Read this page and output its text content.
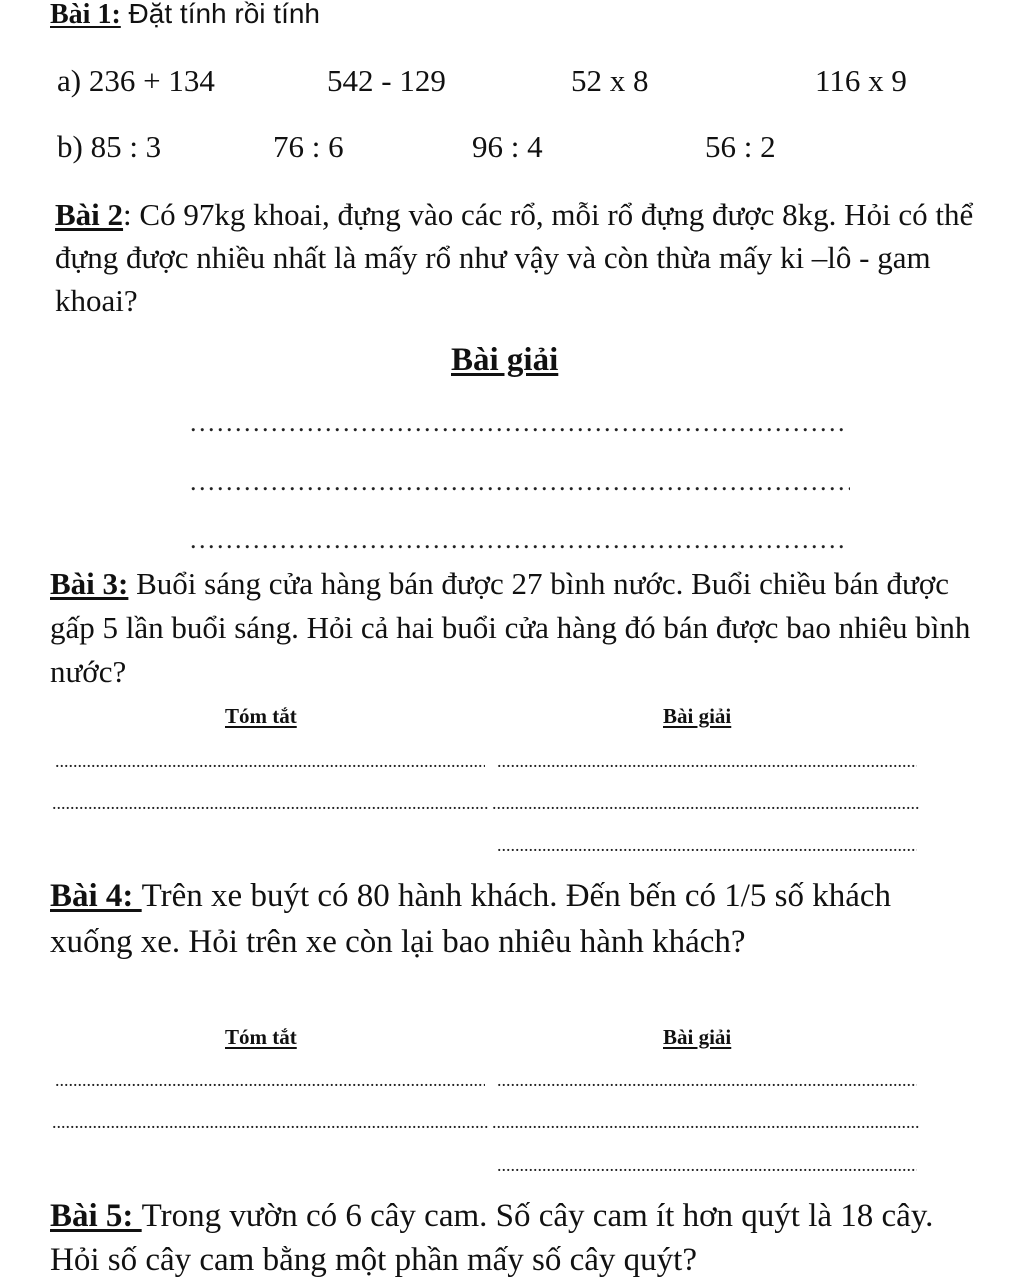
Bài 1: Đặt tính rồi tính
a) 236 + 134	542 - 129	52 x 8	116 x 9
b) 85 : 3	76 : 6	96 : 4	56 : 2
Bài 2: Có 97kg khoai, đựng vào các rổ, mỗi rổ đựng được 8kg. Hỏi có thể đựng được nhiều nhất là mấy rổ như vậy và còn thừa mấy ki –lô - gam khoai?
Bài giải
.....
.....
.....
Bài 3: Buổi sáng cửa hàng bán được 27 bình nước. Buổi chiều bán được gấp 5 lần buổi sáng. Hỏi cả hai buổi cửa hàng đó bán được bao nhiêu bình nước?
Tóm tắt	Bài giải
.....
.....
.....
.....
.....
Bài 4: Trên xe buýt có 80 hành khách. Đến bến có 1/5 số khách xuống xe. Hỏi trên xe còn lại bao nhiêu hành khách?
Tóm tắt	Bài giải
.....
.....
.....
.....
.....
Bài 5: Trong vườn có 6 cây cam. Số cây cam ít hơn quýt là 18 cây. Hỏi số cây cam bằng một phần mấy số cây quýt?
